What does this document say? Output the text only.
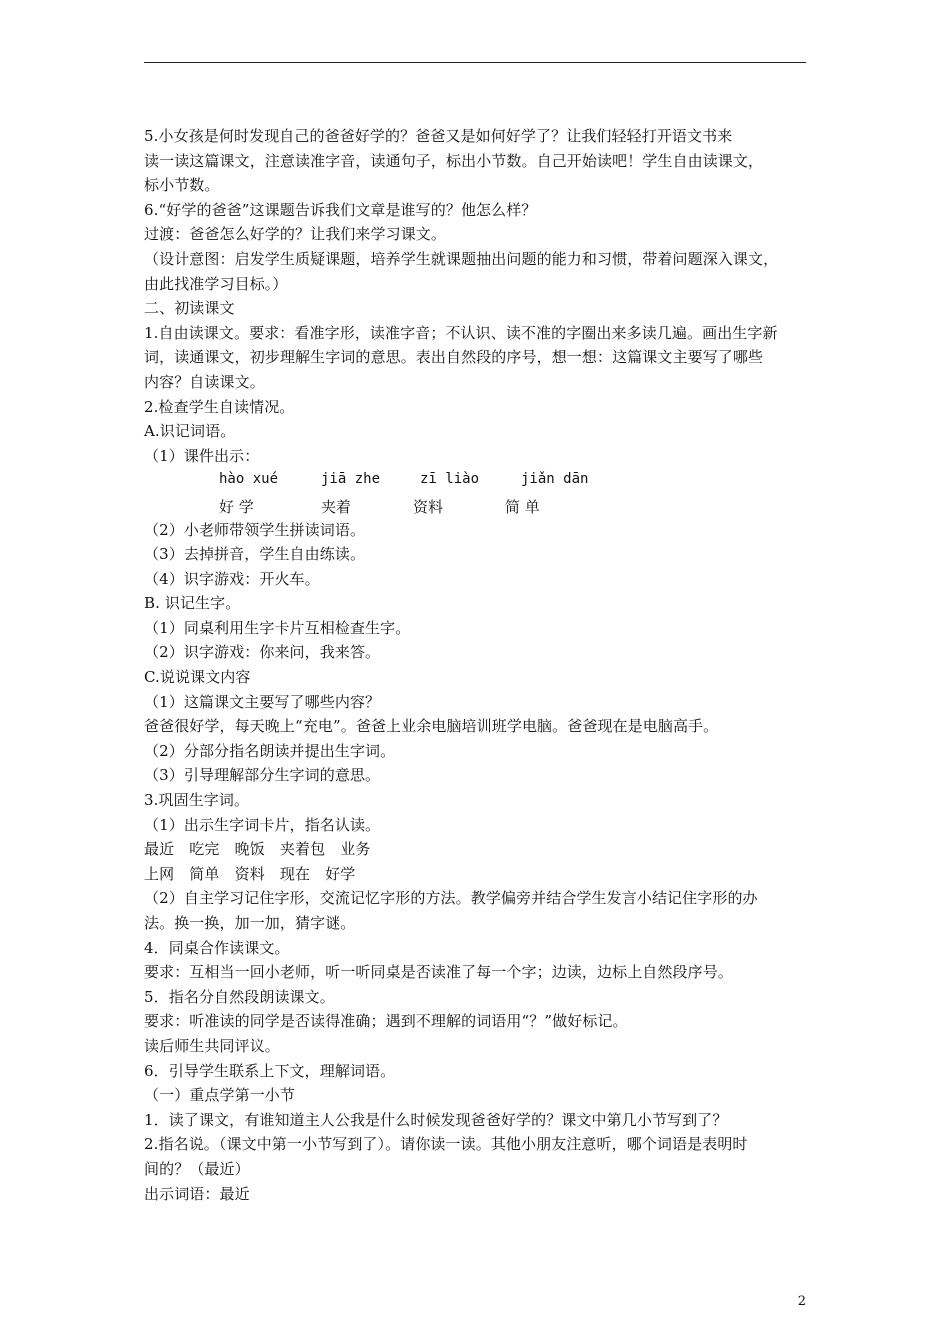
5.小女孩是何时发现自己的爸爸好学的？爸爸又是如何好学了？让我们轻轻打开语文书来

读一读这篇课文，注意读准字音，读通句子，标出小节数。自己开始读吧！学生自由读课文，

标小节数。

6.“好学的爸爸”这课题告诉我们文章是谁写的？他怎么样？

过渡：爸爸怎么好学的？让我们来学习课文。

（设计意图：启发学生质疑课题，培养学生就课题抽出问题的能力和习惯，带着问题深入课文，

由此找准学习目标。）

二、初读课文

1.自由读课文。要求：看准字形，读准字音；不认识、读不准的字圈出来多读几遍。画出生字新

词，读通课文，初步理解生字词的意思。表出自然段的序号，想一想：这篇课文主要写了哪些

内容？自读课文。

2.检查学生自读情况。

A.识记词语。

（1）课件出示：

hào xué	jiā zhe	zī liào	jiǎn dān
好 学	夹着	资料	简 单

（2）小老师带领学生拼读词语。

（3）去掉拼音，学生自由练读。

（4）识字游戏：开火车。

B. 识记生字。

（1）同桌利用生字卡片互相检查生字。

（2）识字游戏：你来问，我来答。

C.说说课文内容

（1）这篇课文主要写了哪些内容？

爸爸很好学，每天晚上“充电”。爸爸上业余电脑培训班学电脑。爸爸现在是电脑高手。

（2）分部分指名朗读并提出生字词。

（3）引导理解部分生字词的意思。

3.巩固生字词。

（1）出示生字词卡片，指名认读。

最近　吃完　晚饭　夹着包　业务

上网　简单　资料　现在　好学

（2）自主学习记住字形，交流记忆字形的方法。教学偏旁并结合学生发言小结记住字形的办

法。换一换，加一加，猜字谜。

4．同桌合作读课文。

要求：互相当一回小老师，听一听同桌是否读准了每一个字；边读，边标上自然段序号。

5．指名分自然段朗读课文。

要求：听准读的同学是否读得准确；遇到不理解的词语用“？”做好标记。

读后师生共同评议。

6．引导学生联系上下文，理解词语。

（一）重点学第一小节

1．读了课文，有谁知道主人公我是什么时候发现爸爸好学的？课文中第几小节写到了？

2.指名说。（课文中第一小节写到了）。请你读一读。其他小朋友注意听，哪个词语是表明时

间的？（最近）

出示词语：最近

2
